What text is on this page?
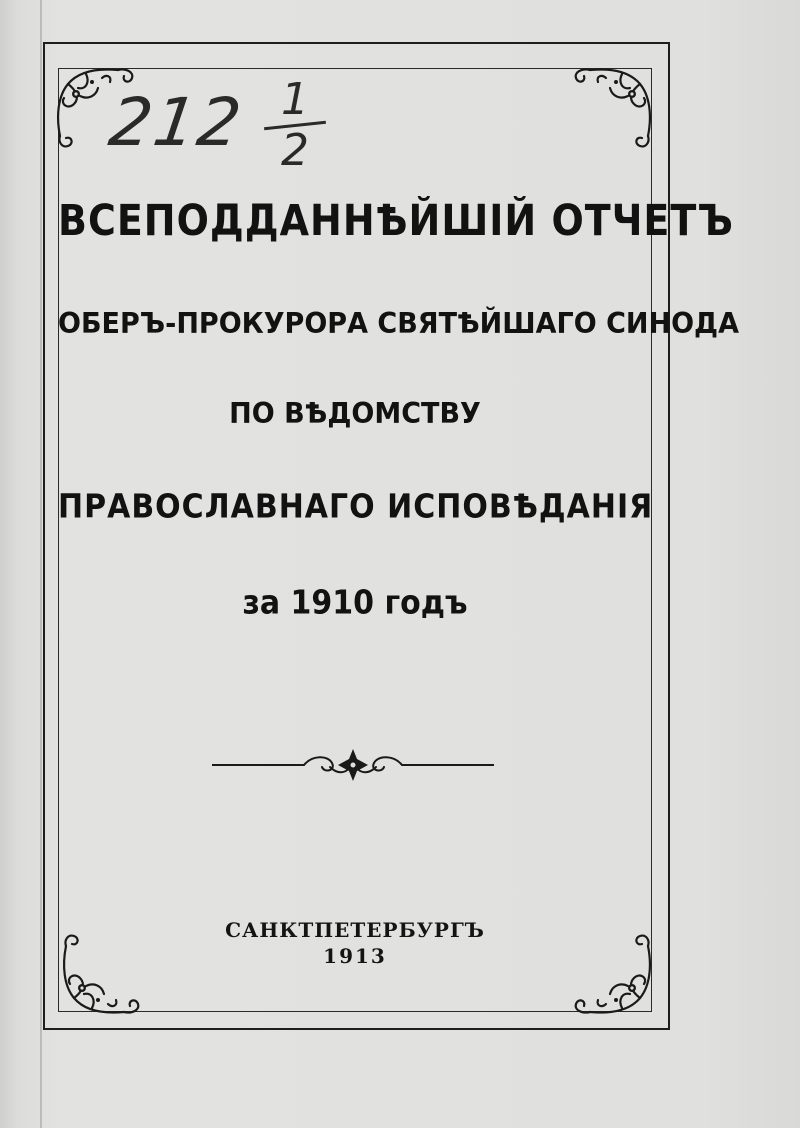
212 1
2
ВСЕПОДДАННѢЙШІЙ ОТЧЕТЪ
ОБЕРЪ-ПРОКУРОРА СВЯТѢЙШАГО СИНОДА
ПО ВѢДОМСТВУ
ПРАВОСЛАВНАГО ИСПОВѢДАНІЯ
за 1910 годъ
САНКТПЕТЕРБУРГЪ
1913
